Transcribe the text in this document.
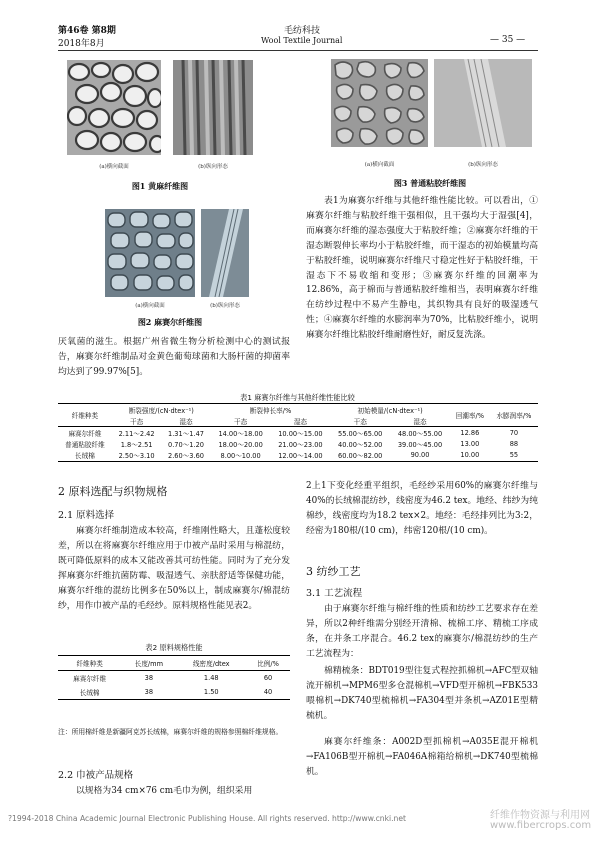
第46卷 第8期
2018年8月
毛纺科技
Wool Textile Journal	— 35 —
(a)横向截面	(b)纵向形态
图1 黄麻纤维图
(a)横向截面	(b)纵向形态
图2 麻赛尔纤维图
(a)横向截面	(b)纵向形态
图3 普通粘胶纤维图
表1为麻赛尔纤维与其他纤维性能比较。可以看出，①麻赛尔纤维与粘胶纤维干强相似，且干强均大于湿强[4]，而麻赛尔纤维的湿态强度大于粘胶纤维；②麻赛尔纤维的干湿态断裂伸长率均小于粘胶纤维，而干湿态的初始模量均高于粘胶纤维，说明麻赛尔纤维尺寸稳定性好于粘胶纤维，干湿态下不易收缩和变形；③麻赛尔纤维的回潮率为12.86%，高于棉而与普通粘胶纤维相当，表明麻赛尔纤维在纺纱过程中不易产生静电，其织物具有良好的吸湿透气性；④麻赛尔纤维的水膨润率为70%，比粘胶纤维小，说明麻赛尔纤维比粘胶纤维耐磨性好，耐反复洗涤。
厌氧菌的滋生。根据广州省微生物分析检测中心的测试报告，麻赛尔纤维制品对金黄色葡萄球菌和大肠杆菌的抑菌率均达到了99.97%[5]。
表1 麻赛尔纤维与其他纤维性能比较
纤维种类	断裂强度/(cN·dtex⁻¹)		断裂伸长率/%		初始模量/(cN·dtex⁻¹)		回潮率/%	水膨润率/%
	干态	湿态	干态	湿态	干态	湿态		
麻赛尔纤维	2.11～2.42	1.31～1.47	14.00～18.00	10.00～15.00	55.00～65.00	48.00～55.00	12.86	70
普通粘胶纤维	1.8～2.51	0.70～1.20	18.00～20.00	21.00～23.00	40.00～52.00	39.00～45.00	13.00	88
长绒棉	2.50～3.10	2.60～3.60	8.00～10.00	12.00～14.00	60.00～82.00	90.00	10.00	55
2 原料选配与织物规格
2.1 原料选择
麻赛尔纤维制造成本较高，纤维刚性略大，且蓬松度较差，所以在将麻赛尔纤维应用于巾被产品时采用与棉混纺，既可降低原料的成本又能改善其可纺性能。同时为了充分发挥麻赛尔纤维抗菌防霉、吸湿透气、亲肤舒适等保健功能，麻赛尔纤维的混纺比例多在50%以上，制成麻赛尔/棉混纺纱，用作巾被产品的毛经纱。原料规格性能见表2。
表2 原料规格性能
纤维种类	长度/mm	线密度/dtex	比例/%
麻赛尔纤维	38	1.48	60
长绒棉	38	1.50	40
注：所用棉纤维是新疆阿克苏长绒棉，麻赛尔纤维的规格参照棉纤维规格。
2.2 巾被产品规格
以规格为34 cm×76 cm毛巾为例，组织采用
2上1下变化经重平组织，毛经纱采用60%的麻赛尔纤维与40%的长绒棉混纺纱，线密度为46.2 tex。地经、纬纱为纯棉纱，线密度均为18.2 tex×2。地经：毛经排列比为3:2，经密为180根/(10 cm)，纬密120根/(10 cm)。
3 纺纱工艺
3.1 工艺流程
由于麻赛尔纤维与棉纤维的性质和纺纱工艺要求存在差异，所以2种纤维需分别经开清棉、梳棉工序、精梳工序成条，在并条工序混合。46.2 tex的麻赛尔/棉混纺纱的生产工艺流程为：
棉精梳条：BDT019型往复式程控抓棉机→AFC型双轴流开棉机→MPM6型多仓混棉机→VFD型开棉机→FBK533喂棉机→DK740型梳棉机→FA304型并条机→AZ01E型精梳机。
麻赛尔纤维条：A002D型抓棉机→A035E混开棉机→FA106B型开棉机→FA046A棉箱给棉机→DK740型梳棉机。
?1994-2018 China Academic Journal Electronic Publishing House. All rights reserved. http://www.cnki.net	纤维作物资源与利用网
www.fibercrops.com
